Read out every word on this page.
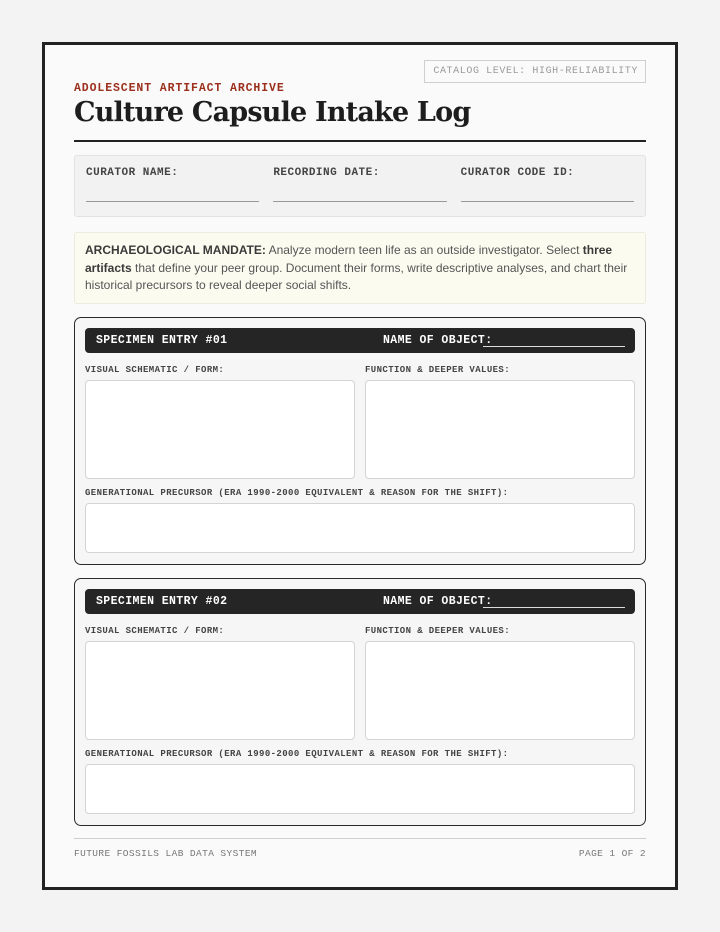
CATALOG LEVEL: HIGH-RELIABILITY
ADOLESCENT ARTIFACT ARCHIVE
Culture Capsule Intake Log
CURATOR NAME:	RECORDING DATE:	CURATOR CODE ID:
ARCHAEOLOGICAL MANDATE: Analyze modern teen life as an outside investigator. Select three artifacts that define your peer group. Document their forms, write descriptive analyses, and chart their historical precursors to reveal deeper social shifts.
SPECIMEN ENTRY #01	NAME OF OBJECT:
VISUAL SCHEMATIC / FORM:	FUNCTION & DEEPER VALUES:
GENERATIONAL PRECURSOR (ERA 1990-2000 EQUIVALENT & REASON FOR THE SHIFT):
SPECIMEN ENTRY #02	NAME OF OBJECT:
VISUAL SCHEMATIC / FORM:	FUNCTION & DEEPER VALUES:
GENERATIONAL PRECURSOR (ERA 1990-2000 EQUIVALENT & REASON FOR THE SHIFT):
FUTURE FOSSILS LAB DATA SYSTEM	PAGE 1 OF 2
